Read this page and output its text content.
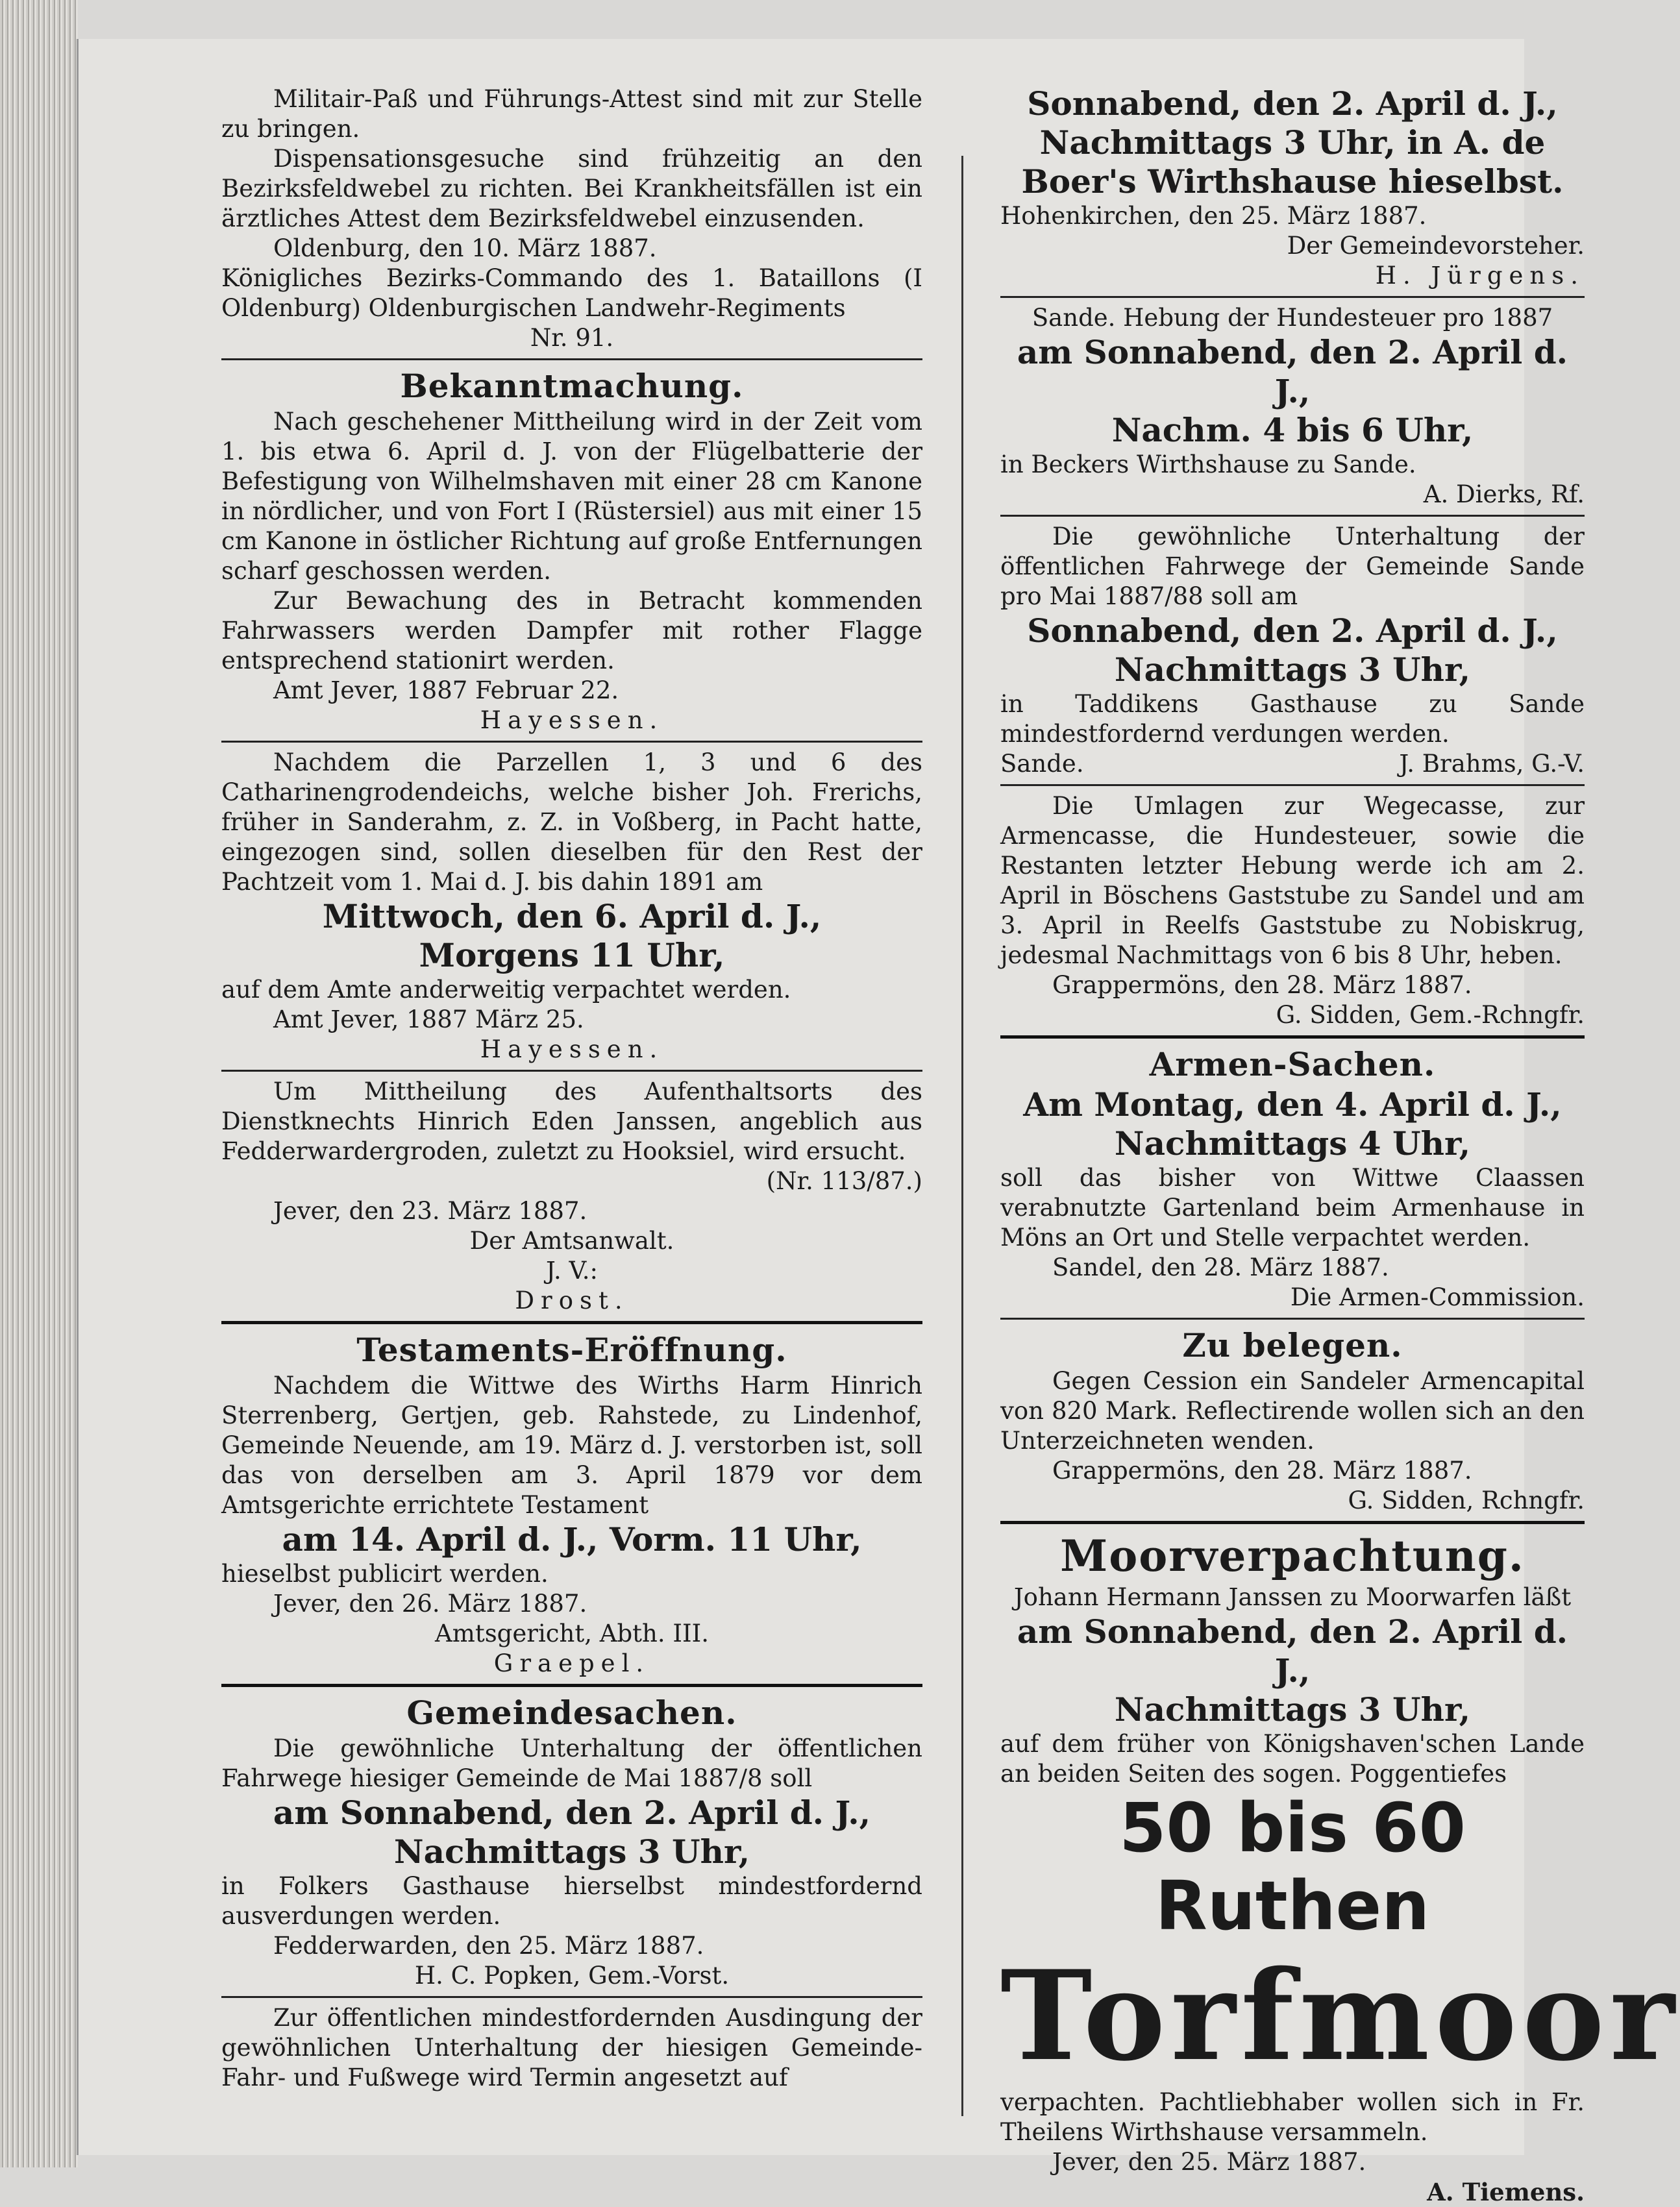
Militair-Paß und Führungs-Attest sind mit zur Stelle zu bringen.

Dispensationsgesuche sind frühzeitig an den Bezirksfeldwebel zu richten. Bei Krankheitsfällen ist ein ärztliches Attest dem Bezirksfeldwebel einzusenden.

Oldenburg, den 10. März 1887.

Königliches Bezirks-Commando des 1. Bataillons (I Oldenburg) Oldenburgischen Landwehr-Regiments

Nr. 91.

Bekanntmachung.

Nach geschehener Mittheilung wird in der Zeit vom 1. bis etwa 6. April d. J. von der Flügelbatterie der Befestigung von Wilhelmshaven mit einer 28 cm Kanone in nördlicher, und von Fort I (Rüstersiel) aus mit einer 15 cm Kanone in östlicher Richtung auf große Entfernungen scharf geschossen werden.

Zur Bewachung des in Betracht kommenden Fahrwassers werden Dampfer mit rother Flagge entsprechend stationirt werden.

Amt Jever, 1887 Februar 22.

Hayessen.

Nachdem die Parzellen 1, 3 und 6 des Catharinengrodendeichs, welche bisher Joh. Frerichs, früher in Sanderahm, z. Z. in Voßberg, in Pacht hatte, eingezogen sind, sollen dieselben für den Rest der Pachtzeit vom 1. Mai d. J. bis dahin 1891 am

Mittwoch, den 6. April d. J.,

Morgens 11 Uhr,

auf dem Amte anderweitig verpachtet werden.

Amt Jever, 1887 März 25.

Hayessen.

Um Mittheilung des Aufenthaltsorts des Dienstknechts Hinrich Eden Janssen, angeblich aus Fedderwardergroden, zuletzt zu Hooksiel, wird ersucht.

(Nr. 113/87.)

Jever, den 23. März 1887.

Der Amtsanwalt.

J. V.:

Drost.

Testaments-Eröffnung.

Nachdem die Wittwe des Wirths Harm Hinrich Sterrenberg, Gertjen, geb. Rahstede, zu Lindenhof, Gemeinde Neuende, am 19. März d. J. verstorben ist, soll das von derselben am 3. April 1879 vor dem Amtsgerichte errichtete Testament

am 14. April d. J., Vorm. 11 Uhr,

hieselbst publicirt werden.

Jever, den 26. März 1887.

Amtsgericht, Abth. III.

Graepel.

Gemeindesachen.

Die gewöhnliche Unterhaltung der öffentlichen Fahrwege hiesiger Gemeinde de Mai 1887/8 soll

am Sonnabend, den 2. April d. J.,

Nachmittags 3 Uhr,

in Folkers Gasthause hierselbst mindestfordernd ausverdungen werden.

Fedderwarden, den 25. März 1887.

H. C. Popken, Gem.-Vorst.

Zur öffentlichen mindestfordernden Ausdingung der gewöhnlichen Unterhaltung der hiesigen Gemeinde-Fahr- und Fußwege wird Termin angesetzt auf

Sonnabend, den 2. April d. J., Nachmittags 3 Uhr, in A. de Boer's Wirthshause hieselbst.

Hohenkirchen, den 25. März 1887.

Der Gemeindevorsteher.

H. Jürgens.

Sande. Hebung der Hundesteuer pro 1887

am Sonnabend, den 2. April d. J.,

Nachm. 4 bis 6 Uhr,

in Beckers Wirthshause zu Sande.

A. Dierks, Rf.

Die gewöhnliche Unterhaltung der öffentlichen Fahrwege der Gemeinde Sande pro Mai 1887/88 soll am

Sonnabend, den 2. April d. J.,

Nachmittags 3 Uhr,

in Taddikens Gasthause zu Sande mindestfordernd verdungen werden.

Sande.	J. Brahms, G.-V.

Die Umlagen zur Wegecasse, zur Armencasse, die Hundesteuer, sowie die Restanten letzter Hebung werde ich am 2. April in Böschens Gaststube zu Sandel und am 3. April in Reelfs Gaststube zu Nobiskrug, jedesmal Nachmittags von 6 bis 8 Uhr, heben.

Grappermöns, den 28. März 1887.

G. Sidden, Gem.-Rchngfr.

Armen-Sachen.

Am Montag, den 4. April d. J.,

Nachmittags 4 Uhr,

soll das bisher von Wittwe Claassen verabnutzte Gartenland beim Armenhause in Möns an Ort und Stelle verpachtet werden.

Sandel, den 28. März 1887.

Die Armen-Commission.

Zu belegen.

Gegen Cession ein Sandeler Armencapital von 820 Mark. Reflectirende wollen sich an den Unterzeichneten wenden.

Grappermöns, den 28. März 1887.

G. Sidden, Rchngfr.

Moorverpachtung.

Johann Hermann Janssen zu Moorwarfen läßt

am Sonnabend, den 2. April d. J.,

Nachmittags 3 Uhr,

auf dem früher von Königshaven'schen Lande an beiden Seiten des sogen. Poggentiefes

50 bis 60 Ruthen

Torfmoor

verpachten. Pachtliebhaber wollen sich in Fr. Theilens Wirthshause versammeln.

Jever, den 25. März 1887.

A. Tiemens.
